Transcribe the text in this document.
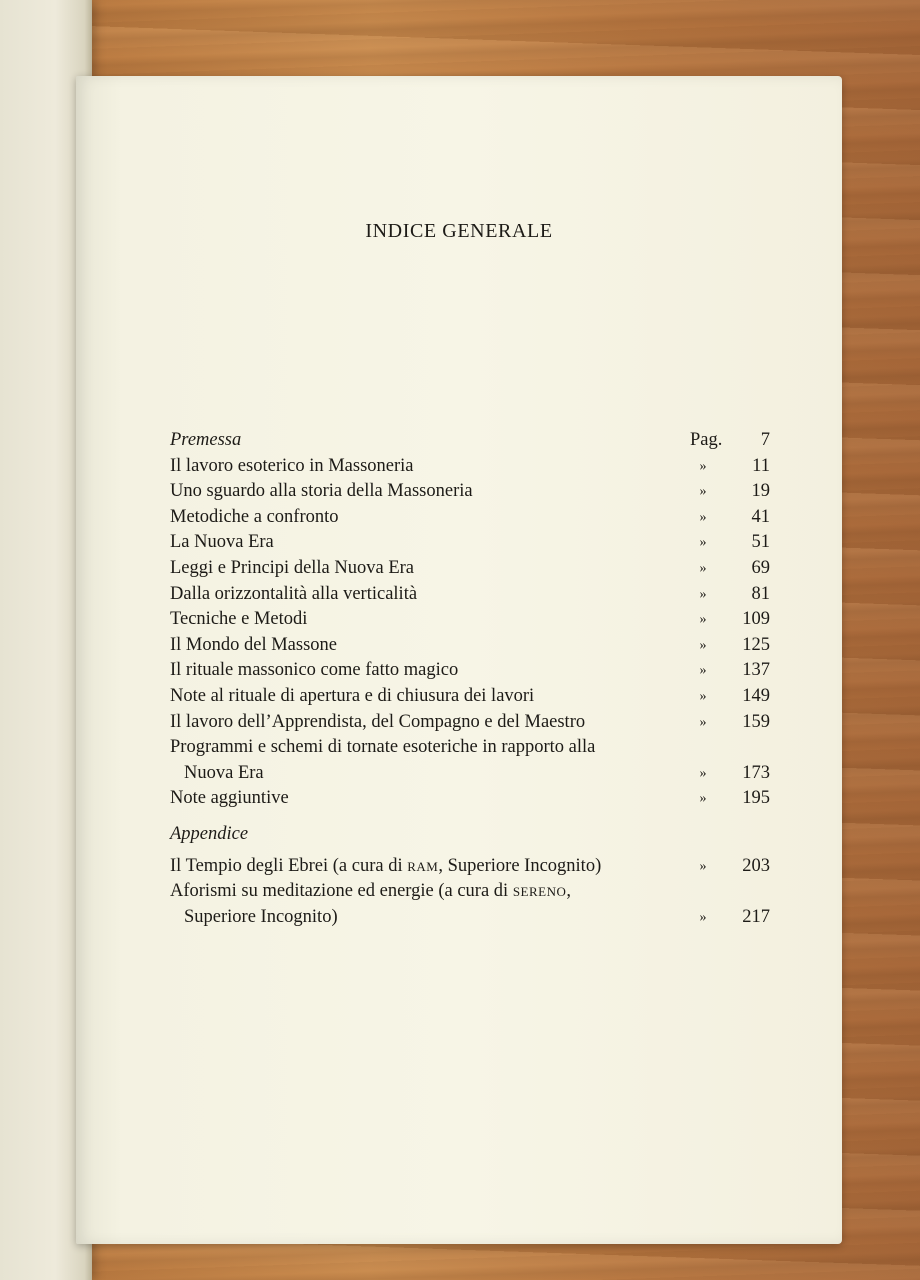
INDICE GENERALE
Premessa	Pag. 7
Il lavoro esoterico in Massoneria	»	11
Uno sguardo alla storia della Massoneria	»	19
Metodiche a confronto	»	41
La Nuova Era	»	51
Leggi e Principi della Nuova Era	»	69
Dalla orizzontalità alla verticalità	»	81
Tecniche e Metodi	»	109
Il Mondo del Massone	»	125
Il rituale massonico come fatto magico	»	137
Note al rituale di apertura e di chiusura dei lavori	»	149
Il lavoro dell’Apprendista, del Compagno e del Maestro	»	159
Programmi e schemi di tornate esoteriche in rapporto alla
Nuova Era	»	173
Note aggiuntive	»	195
Appendice
Il Tempio degli Ebrei (a cura di ram, Superiore Incognito)	»	203
Aforismi su meditazione ed energie (a cura di sereno,
Superiore Incognito)	»	217
